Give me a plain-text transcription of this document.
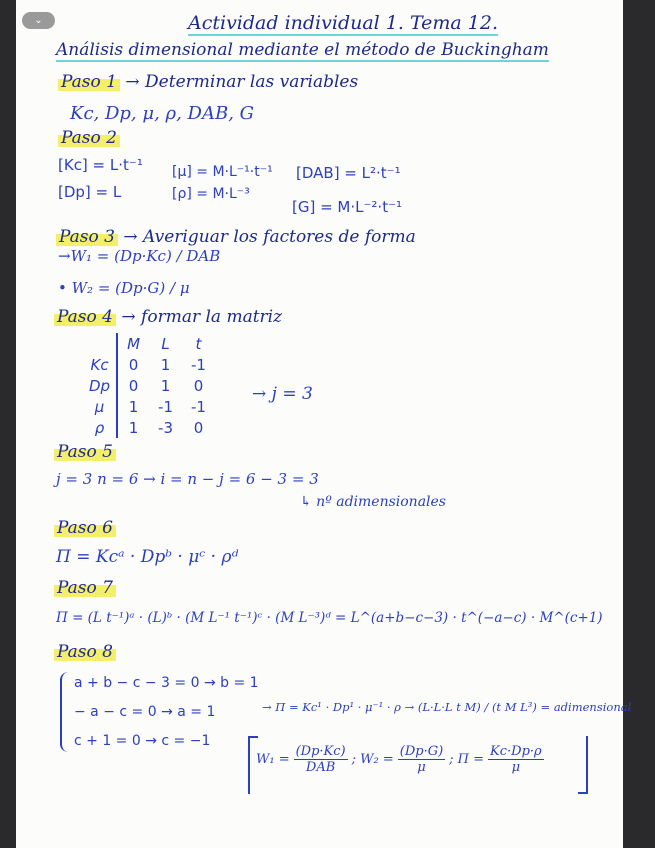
⌄	Actividad individual 1. Tema 12.
Análisis dimensional mediante el método de Buckingham
Paso 1 → Determinar las variables
Kc, Dp, μ, ρ, DAB, G
Paso 2
[Kc] = L·t⁻¹ [μ] = M·L⁻¹·t⁻¹ [DAB] = L²·t⁻¹
[Dp] = L	[ρ] = M·L⁻³
[G] = M·L⁻²·t⁻¹
Paso 3 → Averiguar los factores de forma
→W₁ = (Dp·Kc) / DAB
• W₂ = (Dp·G) / μ
Paso 4 → formar la matriz
	M	L	t
Kc	0	1	-1
Dp	0	1	0
μ	1	-1	-1
ρ	1	-3	0
→ j = 3
Paso 5
j = 3 n = 6 → i = n − j = 6 − 3 = 3
↳ nº adimensionales
Paso 6
Π = Kcᵃ · Dpᵇ · μᶜ · ρᵈ
Paso 7
Π = (L t⁻¹)ᵃ · (L)ᵇ · (M L⁻¹ t⁻¹)ᶜ · (M L⁻³)ᵈ = L^(a+b−c−3) · t^(−a−c) · M^(c+1)
Paso 8
a + b − c − 3 = 0 → b = 1
− a − c = 0 → a = 1
c + 1 = 0 → c = −1
→ Π = Kc¹ · Dp¹ · μ⁻¹ · ρ → (L·L·L t M) / (t M L³) = adimensional
$W_1 = \frac{(Dp\cdot Kc)}{\text{DAB}}$ ; $W_2 = \frac{(Dp\cdot G)}{\mu}$ ; $\Pi = \frac{Kc\cdot Dp\cdot\rho}{\mu}$
